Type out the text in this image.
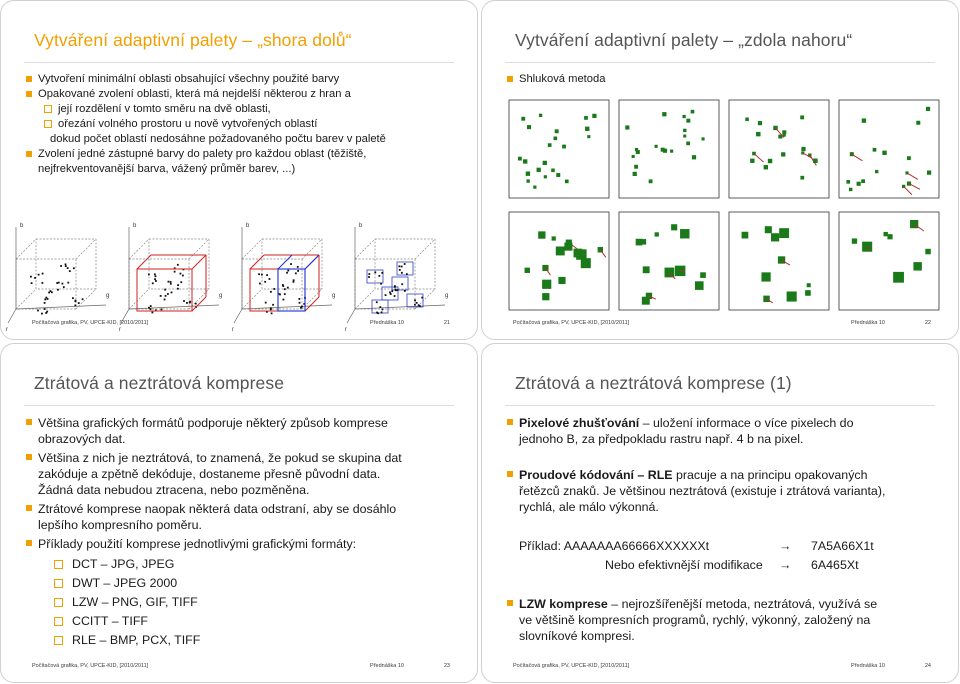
Vytváření adaptivní palety – „shora dolů“
Vytvoření minimální oblasti obsahující všechny použité barvy
Opakované zvolení oblasti, která má nejdelší některou z hran a
její rozdělení v tomto směru na dvě oblasti,
ořezání volného prostoru u nově vytvořených oblastí
dokud počet oblastí nedosáhne požadovaného počtu barev v paletě
Zvolení jedné zástupné barvy do palety pro každou oblast (těžiště,
nejfrekventovanější barva, vážený průměr barev, ...)
b
g
r
b
g
r
b
g
r
b
g
r
Počítačová grafika, PV, UPCE-KID, [2010/2011]	Přednáška 10	21
Vytváření adaptivní palety – „zdola nahoru“
Shluková metoda
Počítačová grafika, PV, UPCE-KID, [2010/2011]	Přednáška 10	22
Ztrátová a neztrátová komprese
Většina grafických formátů podporuje některý způsob komprese
obrazových dat.
Většina z nich je neztrátová, to znamená, že pokud se skupina dat
zakóduje a zpětně dekóduje, dostaneme přesně původní data.
Žádná data nebudou ztracena, nebo pozměněna.
Ztrátové komprese naopak některá data odstraní, aby se dosáhlo
lepšího kompresního poměru.
Příklady použití komprese jednotlivými grafickými formáty:
DCT – JPG, JPEG
DWT – JPEG 2000
LZW – PNG, GIF, TIFF
CCITT – TIFF
RLE – BMP, PCX, TIFF
Počítačová grafika, PV, UPCE-KID, [2010/2011]	Přednáška 10	23
Ztrátová a neztrátová komprese (1)
Pixelové zhušťování – uložení informace o více pixelech do
jednoho B, za předpokladu rastru např. 4 b na pixel.
Proudové kódování – RLE pracuje a na principu opakovaných
řetězců znaků. Je většinou neztrátová (existuje i ztrátová varianta),
rychlá, ale málo výkonná.
Příklad: AAAAAAA66666XXXXXXt	→ 7A5A66X1t
Nebo efektivnější modifikace → 6A465Xt
LZW komprese – nejrozšířenější metoda, neztrátová, využívá se
ve většině kompresních programů, rychlý, výkonný, založený na
slovníkové kompresi.
Počítačová grafika, PV, UPCE-KID, [2010/2011]	Přednáška 10	24
